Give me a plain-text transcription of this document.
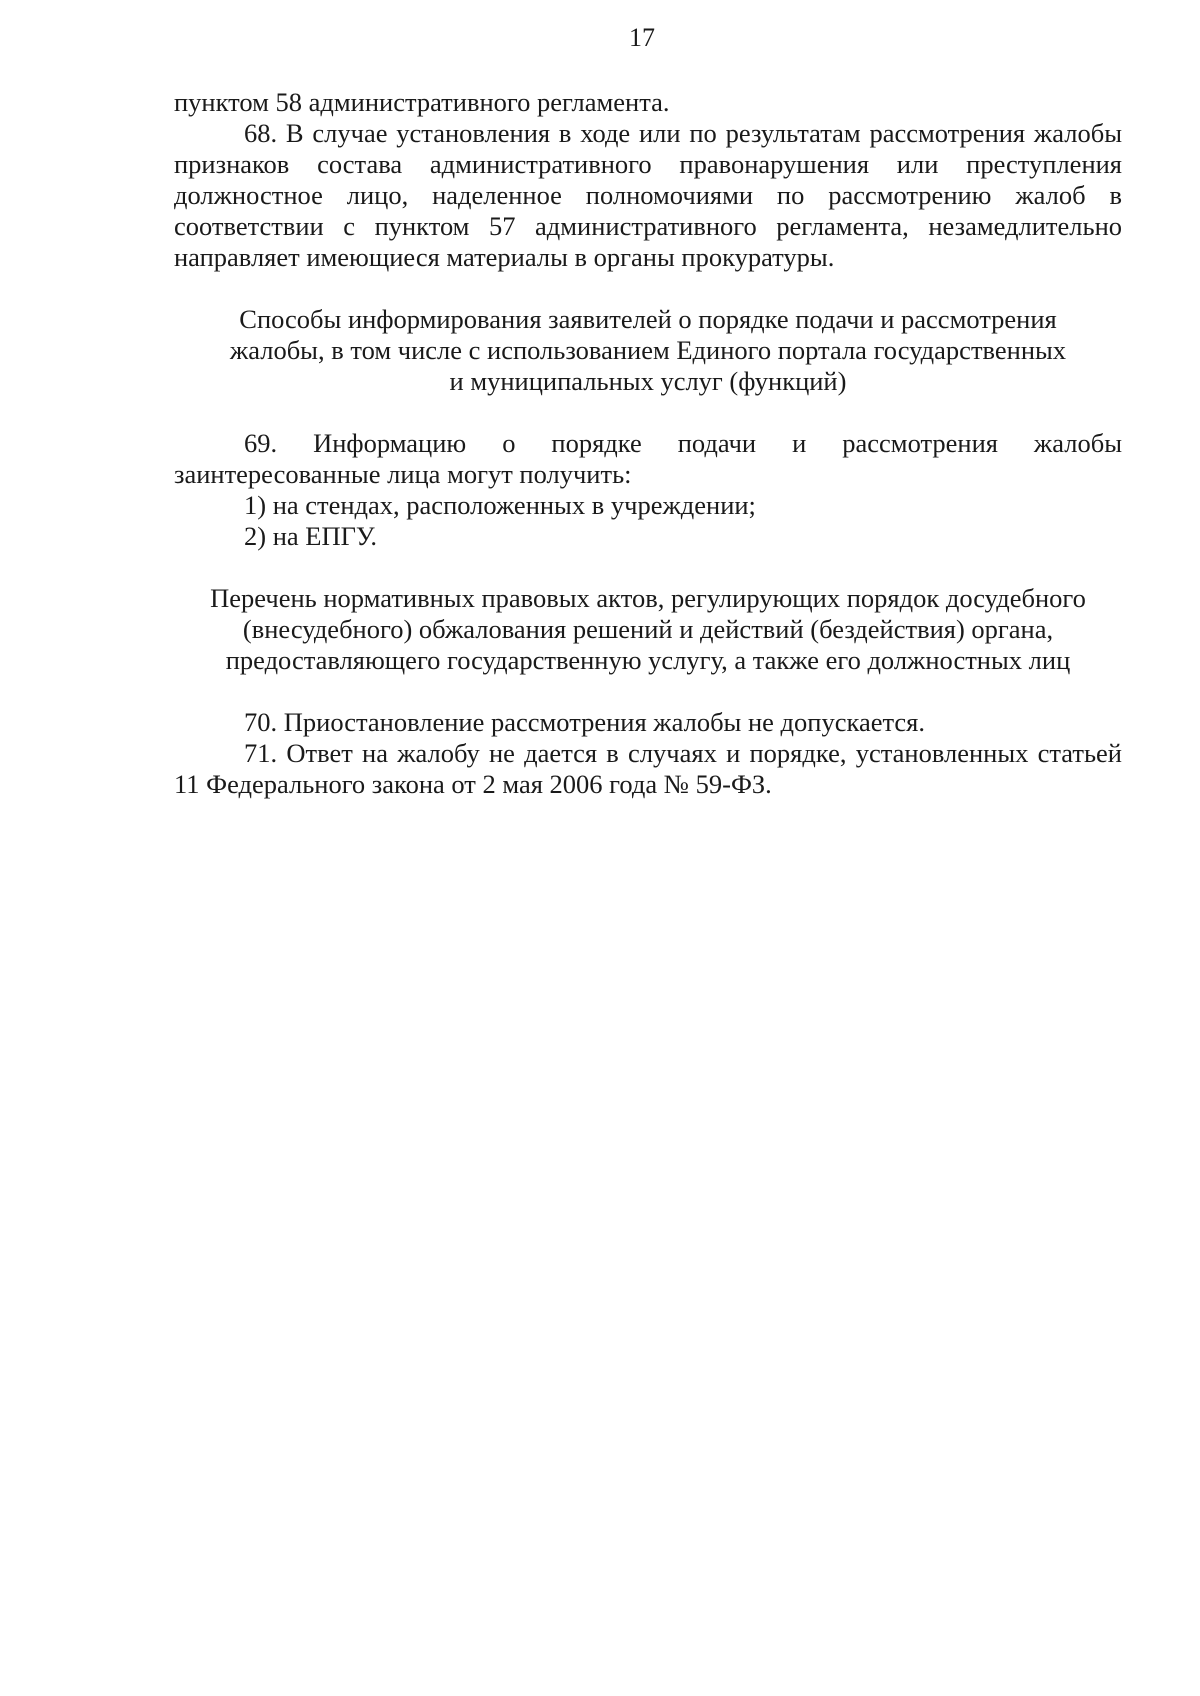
17

пунктом 58 административного регламента.

68. В случае установления в ходе или по результатам рассмотрения жалобы признаков состава административного правонарушения или преступления должностное лицо, наделенное полномочиями по рассмотрению жалоб в соответствии с пунктом 57 административного регламента, незамедлительно направляет имеющиеся материалы в органы прокуратуры.

Способы информирования заявителей о порядке подачи и рассмотрения
жалобы, в том числе с использованием Единого портала государственных
и муниципальных услуг (функций)

69. Информацию о порядке подачи и рассмотрения жалобы заинтересованные лица могут получить:

1) на стендах, расположенных в учреждении;

2) на ЕПГУ.

Перечень нормативных правовых актов, регулирующих порядок досудебного
(внесудебного) обжалования решений и действий (бездействия) органа,
предоставляющего государственную услугу, а также его должностных лиц

70. Приостановление рассмотрения жалобы не допускается.

71. Ответ на жалобу не дается в случаях и порядке, установленных статьей 11 Федерального закона от 2 мая 2006 года № 59-ФЗ.
